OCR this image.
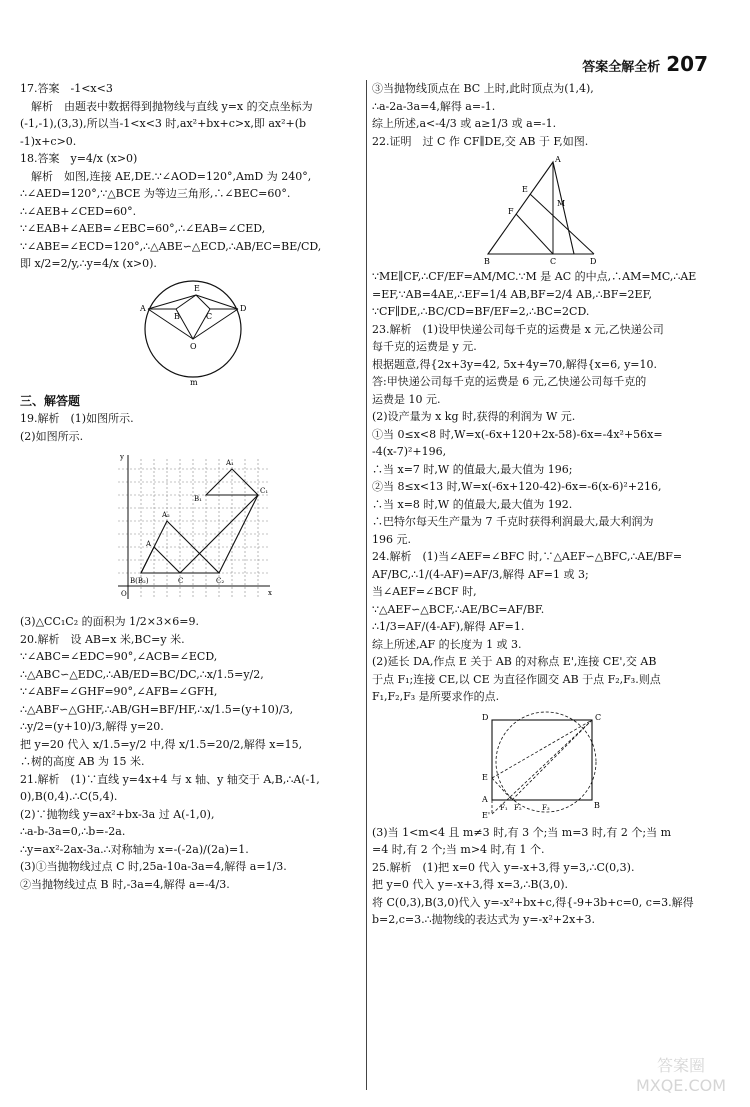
答案全解全析 207
17.答案　-1<x<3
　解析　由题表中数据得到抛物线与直线 y=x 的交点坐标为
(-1,-1),(3,3),所以当-1<x<3 时,ax²+bx+c>x,即 ax²+(b
-1)x+c>0.
18.答案　y=4/x (x>0)
　解析　如图,连接 AE,DE.∵∠AOD=120°,AmD 为 240°,
∴∠AED=120°,∵△BCE 为等边三角形,∴∠BEC=60°.
∴∠AEB+∠CED=60°.
∵∠EAB+∠AEB=∠EBC=60°,∴∠EAB=∠CED,
∵∠ABE=∠ECD=120°,∴△ABE∽△ECD,∴AB/EC=BE/CD,
即 x/2=2/y,∴y=4/x (x>0).
A
B	C
D
E
O
m
三、解答题
19.解析　(1)如图所示.
(2)如图所示.
A₁
B₁
C₁
A₂
A
B(B₂)	C	C₂
O	x
y
(3)△CC₁C₂ 的面积为 1/2×3×6=9.
20.解析　设 AB=x 米,BC=y 米.
∵∠ABC=∠EDC=90°,∠ACB=∠ECD,
∴△ABC∽△EDC,∴AB/ED=BC/DC,∴x/1.5=y/2,
∵∠ABF=∠GHF=90°,∠AFB=∠GFH,
∴△ABF∽△GHF,∴AB/GH=BF/HF,∴x/1.5=(y+10)/3,
∴y/2=(y+10)/3,解得 y=20.
把 y=20 代入 x/1.5=y/2 中,得 x/1.5=20/2,解得 x=15,
∴树的高度 AB 为 15 米.
21.解析　(1)∵直线 y=4x+4 与 x 轴、y 轴交于 A,B,∴A(-1,
0),B(0,4).∴C(5,4).
(2)∵抛物线 y=ax²+bx-3a 过 A(-1,0),
∴a-b-3a=0,∴b=-2a.
∴y=ax²-2ax-3a.∴对称轴为 x=-(-2a)/(2a)=1.
(3)①当抛物线过点 C 时,25a-10a-3a=4,解得 a=1/3.
②当抛物线过点 B 时,-3a=4,解得 a=-4/3.
③当抛物线顶点在 BC 上时,此时顶点为(1,4),
∴a-2a-3a=4,解得 a=-1.
综上所述,a<-4/3 或 a≥1/3 或 a=-1.
22.证明　过 C 作 CF∥DE,交 AB 于 F,如图.
A
E
M
F
B	C	D
∵ME∥CF,∴CF/EF=AM/MC.∵M 是 AC 的中点,∴AM=MC,∴AE
=EF,∵AB=4AE,∴EF=1/4 AB,BF=2/4 AB,∴BF=2EF,
∵CF∥DE,∴BC/CD=BF/EF=2,∴BC=2CD.
23.解析　(1)设甲快递公司每千克的运费是 x 元,乙快递公司
每千克的运费是 y 元.
根据题意,得{2x+3y=42, 5x+4y=70,解得{x=6, y=10.
答:甲快递公司每千克的运费是 6 元,乙快递公司每千克的
运费是 10 元.
(2)设产量为 x kg 时,获得的利润为 W 元.
①当 0≤x<8 时,W=x(-6x+120+2x-58)-6x=-4x²+56x=
-4(x-7)²+196,
∴当 x=7 时,W 的值最大,最大值为 196;
②当 8≤x<13 时,W=x(-6x+120-42)-6x=-6(x-6)²+216,
∴当 x=8 时,W 的值最大,最大值为 192.
∴巴特尔每天生产量为 7 千克时获得利润最大,最大利润为
196 元.
24.解析　(1)当∠AEF=∠BFC 时,∵△AEF∽△BFC,∴AE/BF=
AF/BC,∴1/(4-AF)=AF/3,解得 AF=1 或 3;
当∠AEF=∠BCF 时,
∵△AEF∽△BCF,∴AE/BC=AF/BF.
∴1/3=AF/(4-AF),解得 AF=1.
综上所述,AF 的长度为 1 或 3.
(2)延长 DA,作点 E 关于 AB 的对称点 E',连接 CE',交 AB
于点 F₁;连接 CE,以 CE 为直径作圆交 AB 于点 F₂,F₃.则点
F₁,F₂,F₃ 是所要求作的点.
D	C
E
A
B
E'
F₁ F₂	F₃
(3)当 1<m<4 且 m≠3 时,有 3 个;当 m=3 时,有 2 个;当 m
=4 时,有 2 个;当 m>4 时,有 1 个.
25.解析　(1)把 x=0 代入 y=-x+3,得 y=3,∴C(0,3).
把 y=0 代入 y=-x+3,得 x=3,∴B(3,0).
将 C(0,3),B(3,0)代入 y=-x²+bx+c,得{-9+3b+c=0, c=3.解得
b=2,c=3.∴抛物线的表达式为 y=-x²+2x+3.
答案圈 MXQE.COM
